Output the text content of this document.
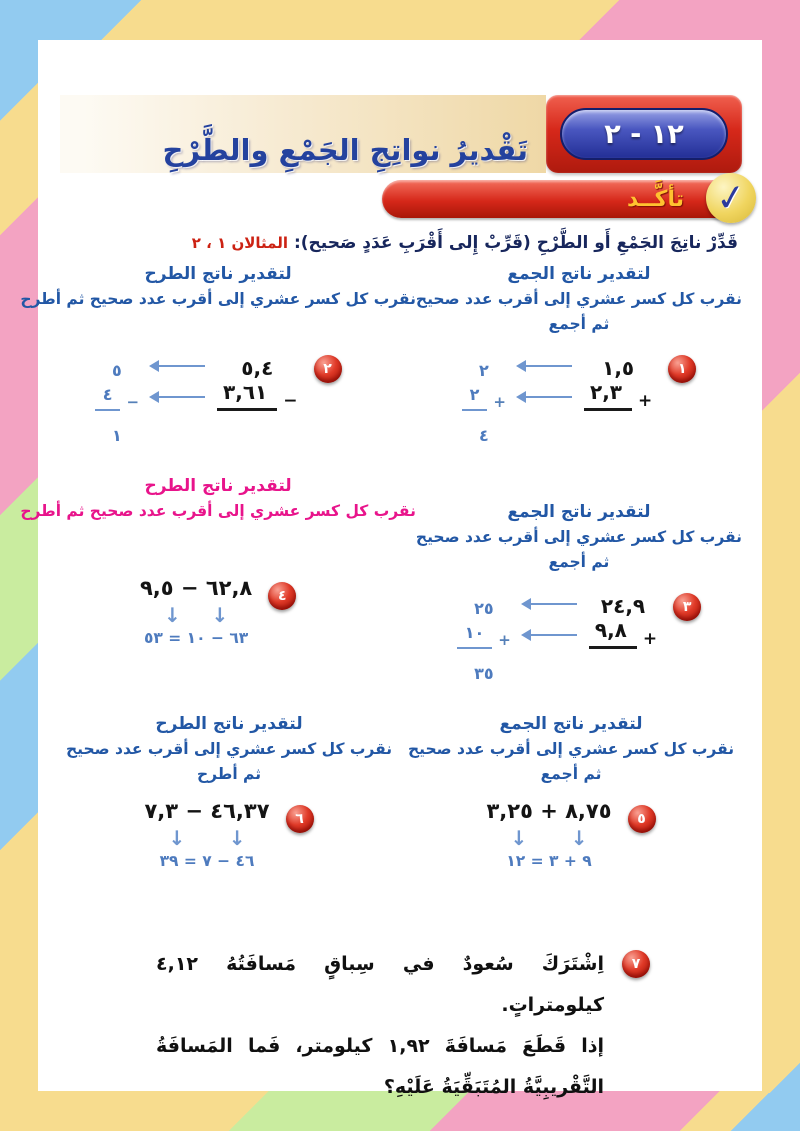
١٢ - ٢
تَقْديرُ نواتِجِ الجَمْعِ والطَّرْحِ
تأكَّــد ✓
قَدِّرْ ناتِجَ الجَمْعِ أَو الطَّرْحِ (قَرِّبْ إِلى أَقْرَبِ عَدَدٍ صَحيح): المثالان ١ ، ٢
لتقدير ناتج الجمع
نقرب كل كسر عشري إلى أقرب عدد صحيح
ثم أجمع
١
١,٥
+
٢,٣
٢
+
٢
٤
لتقدير ناتج الطرح
نقرب كل كسر عشري إلى أقرب عدد صحيح ثم أطرح
٢
٥,٤
−
٣,٦١
٥
−
٤
١
لتقدير ناتج الجمع
نقرب كل كسر عشري إلى أقرب عدد صحيح
ثم أجمع
٣
٢٤,٩
+
٩,٨
٢٥
+
١٠
٣٥
لتقدير ناتج الطرح
نقرب كل كسر عشري إلى أقرب عدد صحيح ثم أطرح
٤
٦٢,٨ − ٩,٥
↓
↓
٦٣ − ١٠ = ٥٣
لتقدير ناتج الجمع
نقرب كل كسر عشري إلى أقرب عدد صحيح
ثم أجمع
٥
٨,٧٥ + ٣,٢٥
↓
↓
٩ + ٣ = ١٢
لتقدير ناتج الطرح
نقرب كل كسر عشري إلى أقرب عدد صحيح
ثم أطرح
٦
٤٦,٣٧ − ٧,٣
↓
↓
٤٦ − ٧ = ٣٩
٧
اِشْتَرَكَ سُعودٌ في سِباقٍ مَسافَتُهُ ٤,١٢ كيلومتراتٍ.
إذا قَطَعَ مَسافَةَ ١,٩٢ كيلومتر، فَما المَسافَةُ
التَّقْريبِيَّةُ المُتَبَقِّيَةُ عَلَيْهِ؟
